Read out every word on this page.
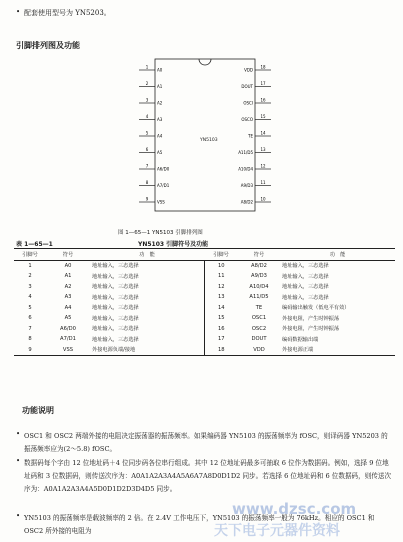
• 配套使用型号为 YN5203。
引脚排列图及功能
1
A0
2
A1
3
A2
4
A3
5
A4
6
A5
7
A6/D0
8
A7/D1
9
VSS
18
VDD
17
DOUT
16
OSCI
15
OSCO
14
TE
13
A11/D5
12
A10/D4
11
A9/D3
10
A8/D2
YN5103
图 1—65—1 YN5103 引脚排列图
表 1—65—1	YN5103 引脚符号及功能
引脚号	符号	功　能	引脚号	符号	功　能
1	A0	地址输入，三态选择	10	A8/D2	地址输入，三态选择
2	A1	地址输入，三态选择	11	A9/D3	地址输入，三态选择
3	A2	地址输入，三态选择	12	A10/D4	地址输入，三态选择
4	A3	地址输入，三态选择	13	A11/D5	地址输入，三态选择
5	A4	地址输入，三态选择	14	TE	编码输出触发（低电平有效）
6	A5	地址输入，三态选择	15	OSC1	外接电阻，产生时钟振荡
7	A6/D0	地址输入，三态选择	16	OSC2	外接电阻，产生时钟振荡
8	A7/D1	地址输入，三态选择	17	DOUT	编码数据输出端
9	VSS	外接电源负端/接地	18	VDD	外接电源正端
功能说明
• OSC1 和 OSC2 两端外接的电阻决定振荡器的振荡频率。如果编码器 YN5103 的振荡频率为 fOSC，则译码器 YN5203 的振荡频率应为(2～5.8) fOSC。
• 数据码每个字由 12 位地址码＋4 位同步码各位串行组成。其中 12 位地址码最多可抽取 6 位作为数据码。例如，选择 9 位地址码和 3 位数据码，则传送次序为：A0A1A2A3A4A5A6A7A8D0D1D2 同步。若选择 6 位地址码和 6 位数据码，则传送次序为：A0A1A2A3A4A5D0D1D2D3D4D5 同步。
• YN5103 的振荡频率是载波频率的 2 倍。在 2.4V 工作电压下，YN5103 的振荡频率一般为 76kHz。相应的 OSC1 和 OSC2 所外接的电阻为
www.dzsc.com
天下电子元器件资料
